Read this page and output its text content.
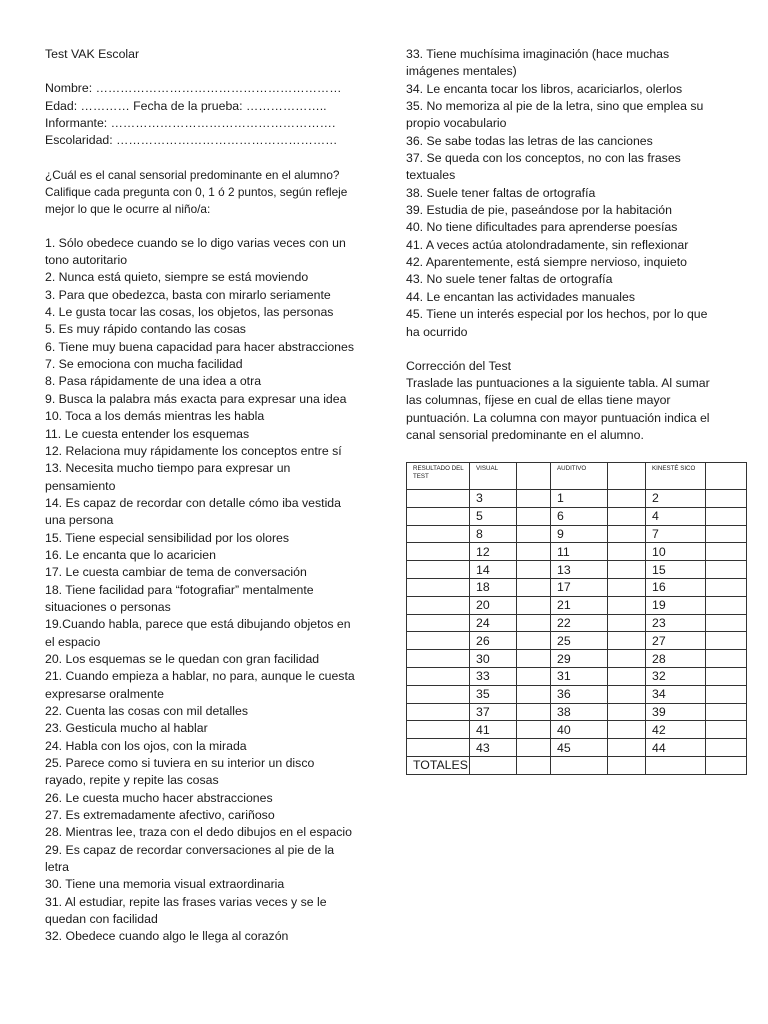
Test VAK Escolar
Nombre: ……………………………………………………
Edad: ………… Fecha de la prueba: ………………..
Informante: ……………………………………………….
Escolaridad: ………………………………………………
¿Cuál es el canal sensorial predominante en el alumno?
Califique cada pregunta con 0, 1 ó 2 puntos, según refleje
mejor lo que le ocurre al niño/a:
1. Sólo obedece cuando se lo digo varias veces con un
tono autoritario
2. Nunca está quieto, siempre se está moviendo
3. Para que obedezca, basta con mirarlo seriamente
4. Le gusta tocar las cosas, los objetos, las personas
5. Es muy rápido contando las cosas
6. Tiene muy buena capacidad para hacer abstracciones
7. Se emociona con mucha facilidad
8. Pasa rápidamente de una idea a otra
9. Busca la palabra más exacta para expresar una idea
10. Toca a los demás mientras les habla
11. Le cuesta entender los esquemas
12. Relaciona muy rápidamente los conceptos entre sí
13. Necesita mucho tiempo para expresar un
pensamiento
14. Es capaz de recordar con detalle cómo iba vestida
una persona
15. Tiene especial sensibilidad por los olores
16. Le encanta que lo acaricien
17. Le cuesta cambiar de tema de conversación
18. Tiene facilidad para “fotografiar” mentalmente
situaciones o personas
19.Cuando habla, parece que está dibujando objetos en
el espacio
20. Los esquemas se le quedan con gran facilidad
21. Cuando empieza a hablar, no para, aunque le cuesta
expresarse oralmente
22. Cuenta las cosas con mil detalles
23. Gesticula mucho al hablar
24. Habla con los ojos, con la mirada
25. Parece como si tuviera en su interior un disco
rayado, repite y repite las cosas
26. Le cuesta mucho hacer abstracciones
27. Es extremadamente afectivo, cariñoso
28. Mientras lee, traza con el dedo dibujos en el espacio
29. Es capaz de recordar conversaciones al pie de la
letra
30. Tiene una memoria visual extraordinaria
31. Al estudiar, repite las frases varias veces y se le
quedan con facilidad
32. Obedece cuando algo le llega al corazón
33. Tiene muchísima imaginación (hace muchas
imágenes mentales)
34. Le encanta tocar los libros, acariciarlos, olerlos
35. No memoriza al pie de la letra, sino que emplea su
propio vocabulario
36. Se sabe todas las letras de las canciones
37. Se queda con los conceptos, no con las frases
textuales
38. Suele tener faltas de ortografía
39. Estudia de pie, paseándose por la habitación
40. No tiene dificultades para aprenderse poesías
41. A veces actúa atolondradamente, sin reflexionar
42. Aparentemente, está siempre nervioso, inquieto
43. No suele tener faltas de ortografía
44. Le encantan las actividades manuales
45. Tiene un interés especial por los hechos, por lo que
ha ocurrido
Corrección del Test
Traslade las puntuaciones a la siguiente tabla. Al sumar
las columnas, fíjese en cual de ellas tiene mayor
puntuación. La columna con mayor puntuación indica el
canal sensorial predominante en el alumno.
RESULTADO DEL TEST	VISUAL		AUDITIVO		KINESTÉ SICO	
	3		1		2	
	5		6		4	
	8		9		7	
	12		11		10	
	14		13		15	
	18		17		16	
	20		21		19	
	24		22		23	
	26		25		27	
	30		29		28	
	33		31		32	
	35		36		34	
	37		38		39	
	41		40		42	
	43		45		44	
TOTALES						
